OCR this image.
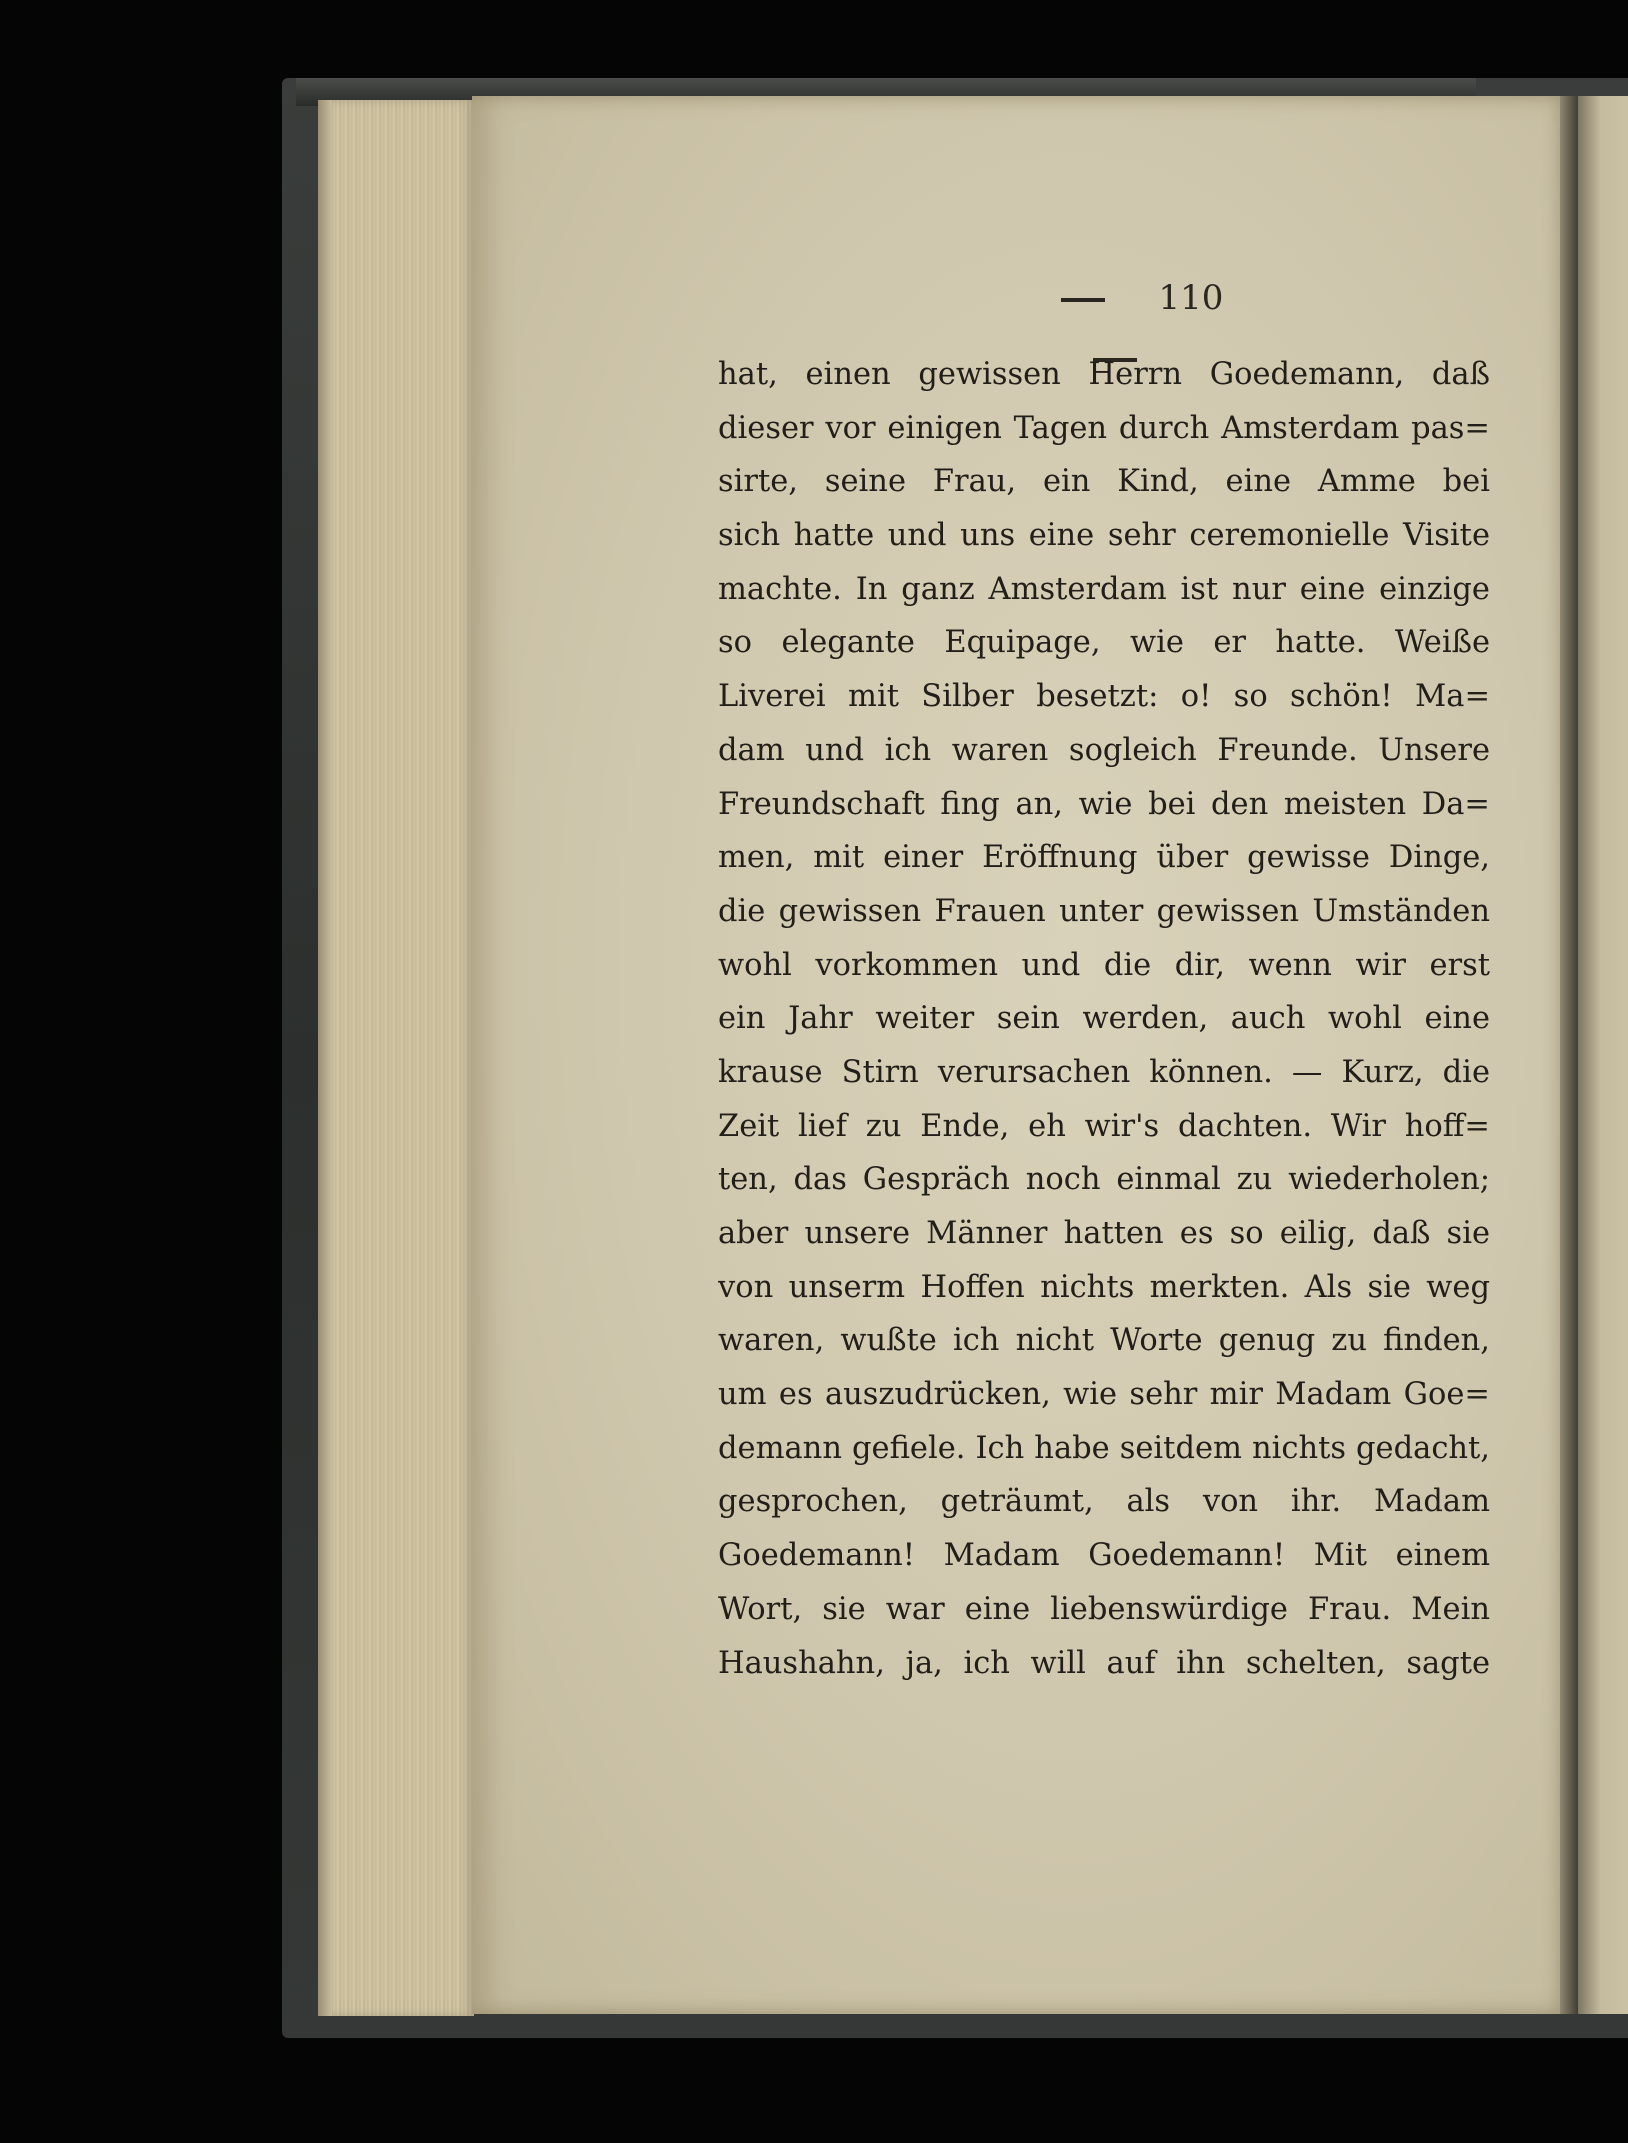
110
hat, einen gewissen Herrn Goedemann, daß
dieser vor einigen Tagen durch Amsterdam pas=
sirte, seine Frau, ein Kind, eine Amme bei
sich hatte und uns eine sehr ceremonielle Visite
machte. In ganz Amsterdam ist nur eine einzige
so elegante Equipage, wie er hatte. Weiße
Liverei mit Silber besetzt: o! so schön! Ma=
dam und ich waren sogleich Freunde. Unsere
Freundschaft fing an, wie bei den meisten Da=
men, mit einer Eröffnung über gewisse Dinge,
die gewissen Frauen unter gewissen Umständen
wohl vorkommen und die dir, wenn wir erst
ein Jahr weiter sein werden, auch wohl eine
krause Stirn verursachen können. — Kurz, die
Zeit lief zu Ende, eh wir's dachten. Wir hoff=
ten, das Gespräch noch einmal zu wiederholen;
aber unsere Männer hatten es so eilig, daß sie
von unserm Hoffen nichts merkten. Als sie weg
waren, wußte ich nicht Worte genug zu finden,
um es auszudrücken, wie sehr mir Madam Goe=
demann gefiele. Ich habe seitdem nichts gedacht,
gesprochen, geträumt, als von ihr. Madam
Goedemann! Madam Goedemann! Mit einem
Wort, sie war eine liebenswürdige Frau. Mein
Haushahn, ja, ich will auf ihn schelten, sagte
